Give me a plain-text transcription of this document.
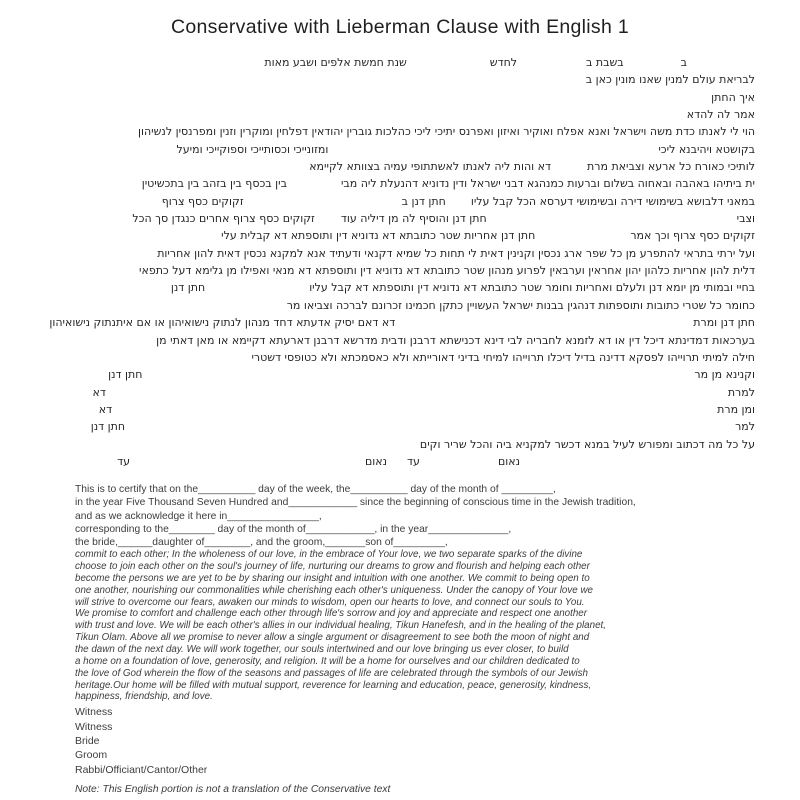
Conservative with Lieberman Clause with English 1
בבשבת בלחדששנת חמשת אלפים ושבע מאות
לבריאת עולם למנין שאנו מונין כאן ב
איך החתן
אמר לה להדא
הוי לי לאנתו כדת משה וישראל ואנא אפלח ואוקיר ואיזון ואפרנס יתיכי ליכי כהלכות גוברין יהודאין דפלחין ומוקרין וזנין ומפרנסין לנשיהון
בקושטא ויהיבנא ליכיומזונייכי וכסותייכי וספוקייכי ומיעל
לותיכי כאורח כל ארעא וצביאת מרתדא והות ליה לאנתו לאשתתופי עמיה בצוותא לקיימא
ית ביתיהו באהבה ובאחוה בשלום וברעות כמנהגא דבני ישראל ודין נדוניא דהנעלת ליה מביבין בכסף בין בזהב בין בתכשיטין
במאני דלבושא בשימושי דירה ובשימושי דערסא הכל קבל עליוחתן דנן בזקוקים כסף צרוף
וצביחתן דנן והוסיף לה מן דיליה עודזקוקים כסף צרוף אחרים כנגדן סך הכל
זקוקים כסף צרוף וכך אמרחתן דנן אחריות שטר כתובתא דא נדוניא דין ותוספתא דא קבלית עלי
ועל ירתי בתראי להתפרע מן כל שפר ארג נכסין וקנינין דאית לי תחות כל שמיא דקנאי ודעתיד אנא למקנא נכסין דאית להון אחריות
דלית להון אחריות כלהון יהון אחראין וערבאין לפרוע מנהון שטר כתובתא דא נדוניא דין ותוספתא דא מנאי ואפילו מן גלימא דעל כתפאי
בחיי ובמותי מן יומא דנן ולעלם ואחריות וחומר שטר כתובתא דא נדוניא דין ותוספתא דא קבל עליוחתן דנן
כחומר כל שטרי כתובות ותוספתות דנהגין בבנות ישראל העשויין כתקן חכמינו זכרונם לברכה וצביאו מר
חתן דנן ומרתדא דאם יסיק אדעתא דחד מנהון לנתוק נישואיהון או אם איתנתוק נישואיהון
בערכאות דמדינתא דיכל דין או דא לזמנא לחבריה לבי דינא דכנישתא דרבנן ודבית מדרשא דרבנן דארעתא דקיימא או מאן דאתי מן
חילה למיתי תרוייהו לפסקא דדינה בדיל דיכלו תרוייהו למיחי בדיני דאורייתא ולא כאסמכתא ולא כטופסי דשטרי
וקנינא מן מרחתן דנן
למרתדא
ומן מרתדא
למרחתן דנן
על כל מה דכתוב ומפורש לעיל במנא דכשר למקניא ביה והכל שריר וקים
נאוםעדנאוםעד
This is to certify that on the__________ day of the week, the__________ day of the month of _________,
in the year Five Thousand Seven Hundred and____________ since the beginning of conscious time in the Jewish tradition,
and as we acknowledge it here in________________,
corresponding to the________ day of the month of____________, in the year______________,
the bride,______daughter of________, and the groom,_______son of_________,
commit to each other; In the wholeness of our love, in the embrace of Your love, we two separate sparks of the divine
choose to join each other on the soul's journey of life, nurturing our dreams to grow and flourish and helping each other
become the persons we are yet to be by sharing our insight and intuition with one another. We commit to being open to
one another, nourishing our commonalities while cherishing each other's uniqueness. Under the canopy of Your love we
will strive to overcome our fears, awaken our minds to wisdom, open our hearts to love, and connect our souls to You.
We promise to comfort and challenge each other through life's sorrow and joy and appreciate and respect one another
with trust and love. We will be each other's allies in our individual healing, Tikun Hanefesh, and in the healing of the planet,
Tikun Olam. Above all we promise to never allow a single argument or disagreement to see both the moon of night and
the dawn of the next day. We will work together, our souls intertwined and our love bringing us ever closer, to build
a home on a foundation of love, generosity, and religion. It will be a home for ourselves and our children dedicated to
the love of God wherein the flow of the seasons and passages of life are celebrated through the symbols of our Jewish
heritage.Our home will be filled with mutual support, reverence for learning and education, peace, generosity, kindness,
happiness, friendship, and love.
Witness
Witness
Bride
Groom
Rabbi/Officiant/Cantor/Other
Note: This English portion is not a translation of the Conservative text
